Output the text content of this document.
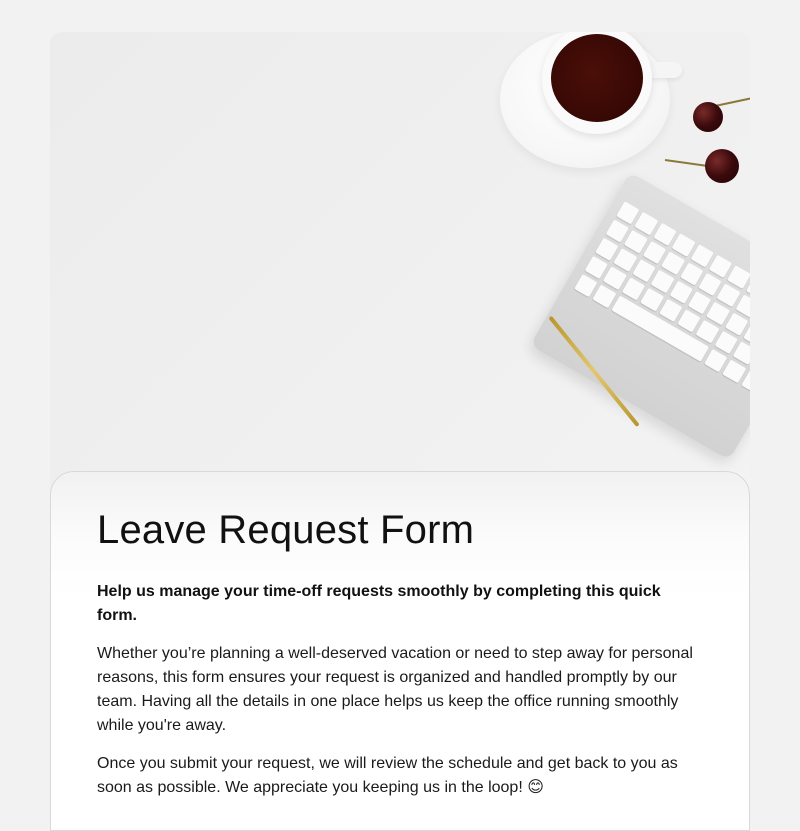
Leave Request Form

Help us manage your time-off requests smoothly by completing this quick form.

Whether you’re planning a well-deserved vacation or need to step away for personal reasons, this form ensures your request is organized and handled promptly by our team. Having all the details in one place helps us keep the office running smoothly while you're away.

Once you submit your request, we will review the schedule and get back to you as soon as possible. We appreciate you keeping us in the loop! 😊
